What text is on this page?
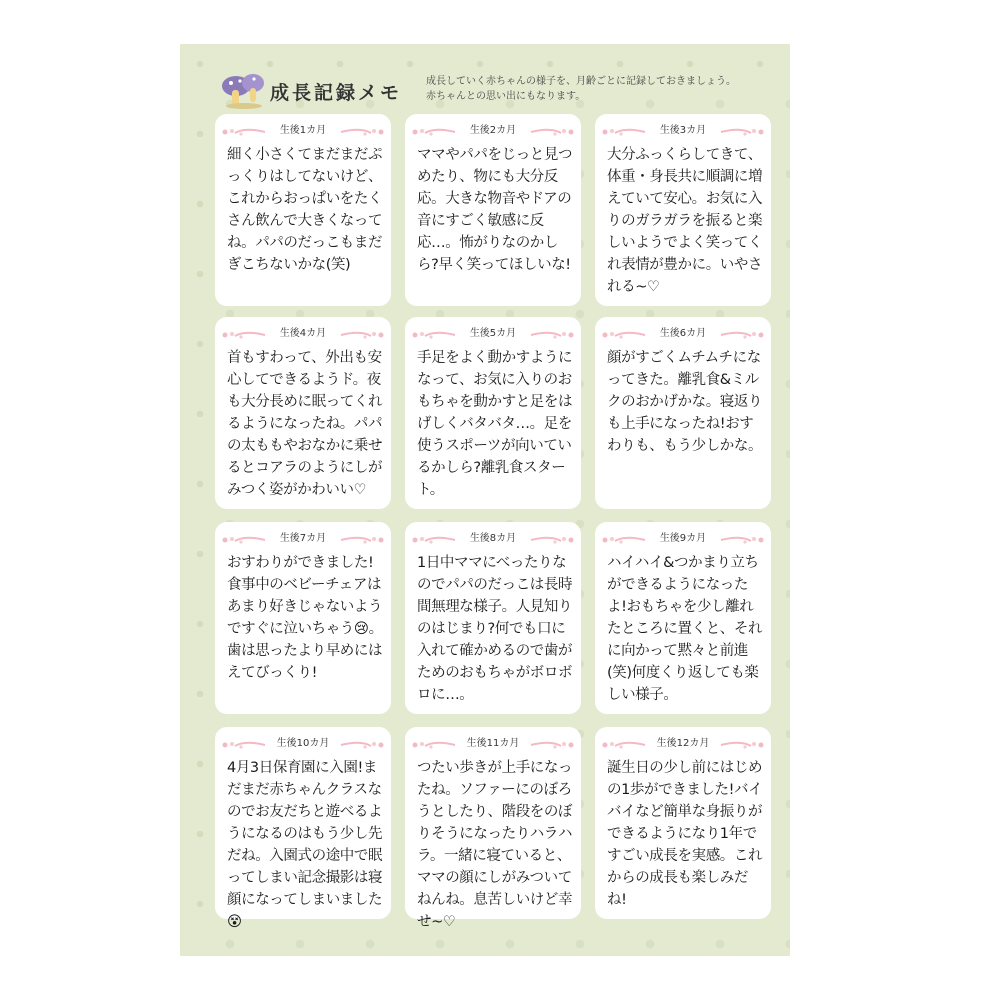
成長記録メモ
成長していく赤ちゃんの様子を、月齢ごとに記録しておきましょう。
赤ちゃんとの思い出にもなります。
生後1カ月
細く小さくてまだまだぷっくりはしてないけど、これからおっぱいをたくさん飲んで大きくなってね。パパのだっこもまだぎこちないかな(笑)
生後2カ月
ママやパパをじっと見つめたり、物にも大分反応。大きな物音やドアの音にすごく敏感に反応…。怖がりなのかしら?早く笑ってほしいな!
生後3カ月
大分ふっくらしてきて、体重・身長共に順調に増えていて安心。お気に入りのガラガラを振ると楽しいようでよく笑ってくれ表情が豊かに。いやされる~♡
生後4カ月
首もすわって、外出も安心してできるようド。夜も大分長めに眠ってくれるようになったね。パパの太ももやおなかに乗せるとコアラのようにしがみつく姿がかわいい♡
生後5カ月
手足をよく動かすようになって、お気に入りのおもちゃを動かすと足をはげしくバタバタ…。足を使うスポーツが向いているかしら?離乳食スタート。
生後6カ月
顔がすごくムチムチになってきた。離乳食&ミルクのおかげかな。寝返りも上手になったね!おすわりも、もう少しかな。
生後7カ月
おすわりができました!食事中のベビーチェアはあまり好きじゃないようですぐに泣いちゃう😢。歯は思ったより早めにはえてびっくり!
生後8カ月
1日中ママにべったりなのでパパのだっこは長時間無理な様子。人見知りのはじまり?何でも口に入れて確かめるので歯がためのおもちゃがボロボロに…。
生後9カ月
ハイハイ&つかまり立ちができるようになったよ!おもちゃを少し離れたところに置くと、それに向かって黙々と前進(笑)何度くり返しても楽しい様子。
生後10カ月
4月3日保育園に入園!まだまだ赤ちゃんクラスなのでお友だちと遊べるようになるのはもう少し先だね。入園式の途中で眠ってしまい記念撮影は寝顔になってしまいました😵
生後11カ月
つたい歩きが上手になったね。ソファーにのぼろうとしたり、階段をのぼりそうになったりハラハラ。一緒に寝ていると、ママの顔にしがみついてねんね。息苦しいけど幸せ~♡
生後12カ月
誕生日の少し前にはじめの1歩ができました!バイバイなど簡単な身振りができるようになり1年ですごい成長を実感。これからの成長も楽しみだね!
